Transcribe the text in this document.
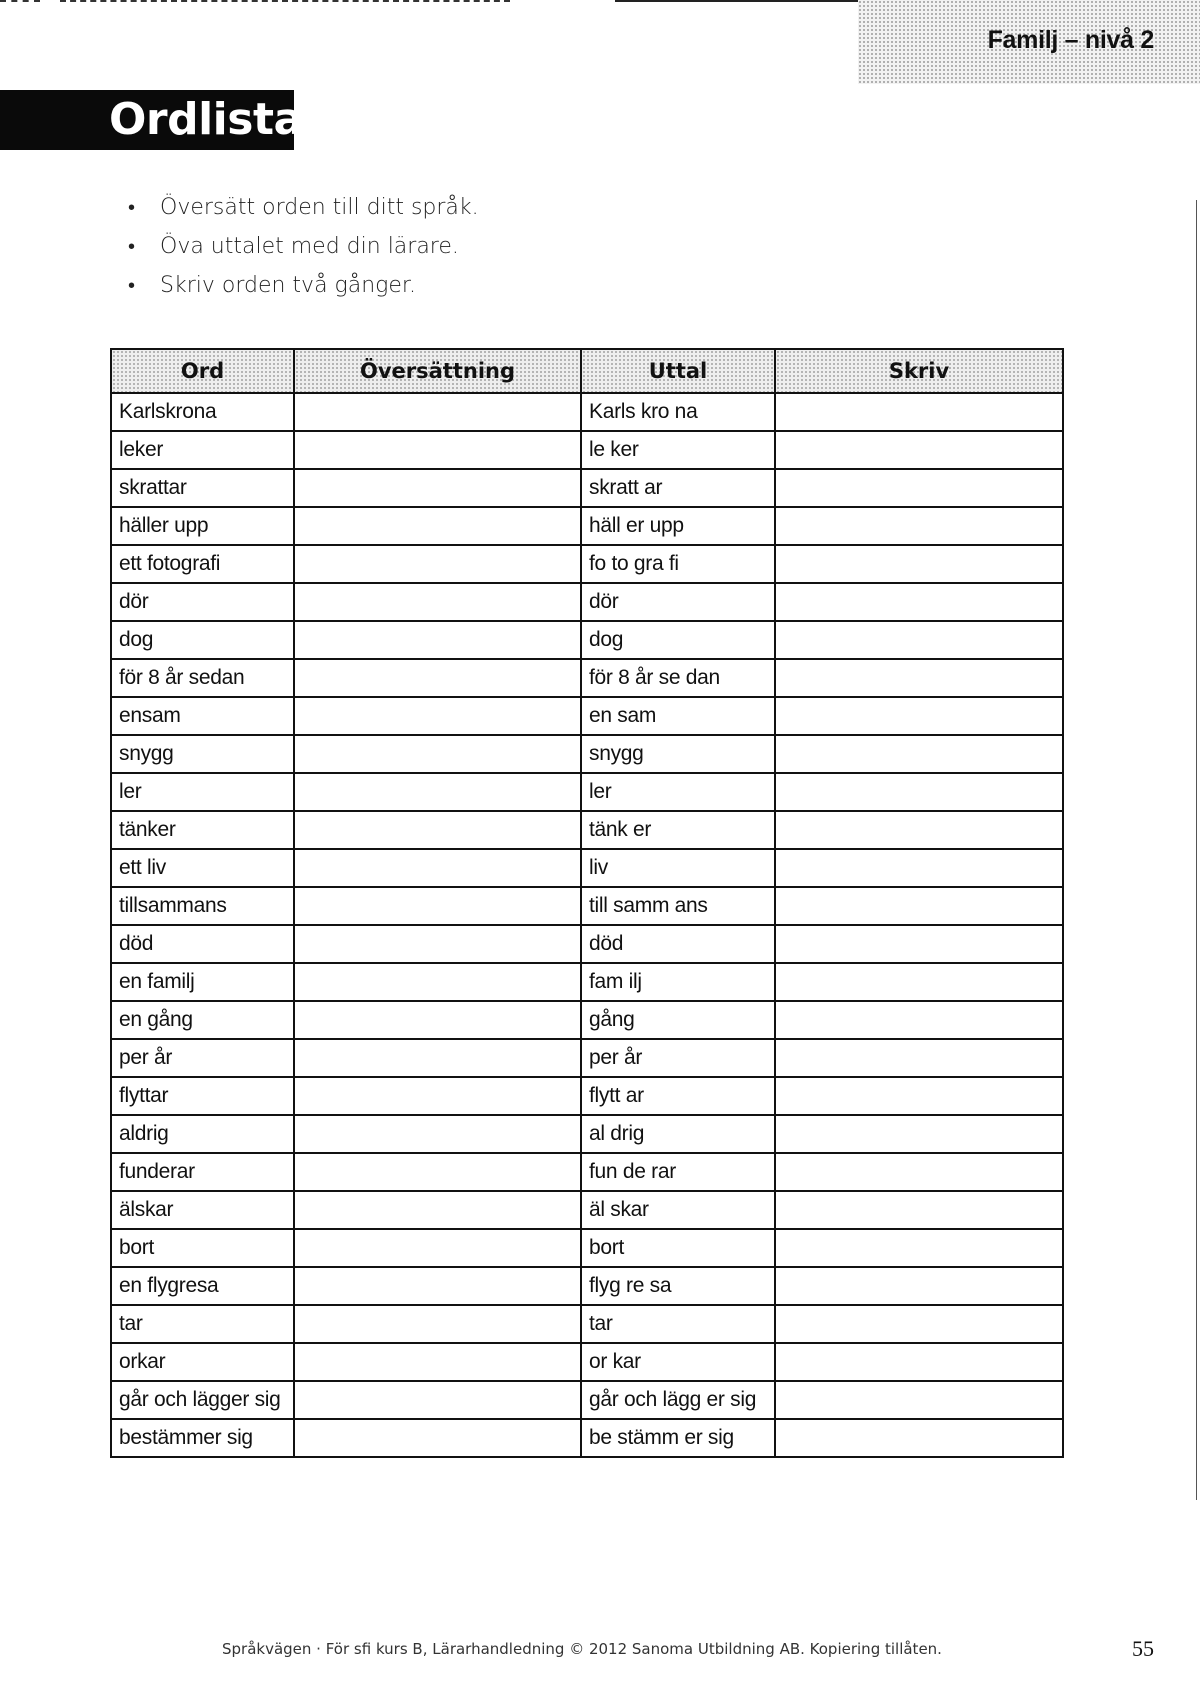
Familj – nivå 2
Ordlista
• Översätt orden till ditt språk.
• Öva uttalet med din lärare.
• Skriv orden två gånger.
Ord	Översättning	Uttal	Skriv
Karlskrona		Karls kro na	
leker		le ker	
skrattar		skratt ar	
häller upp		häll er upp	
ett fotografi		fo to gra fi	
dör		dör	
dog		dog	
för 8 år sedan		för 8 år se dan	
ensam		en sam	
snygg		snygg	
ler		ler	
tänker		tänk er	
ett liv		liv	
tillsammans		till samm ans	
död		död	
en familj		fam ilj	
en gång		gång	
per år		per år	
flyttar		flytt ar	
aldrig		al drig	
funderar		fun de rar	
älskar		äl skar	
bort		bort	
en flygresa		flyg re sa	
tar		tar	
orkar		or kar	
går och lägger sig		går och lägg er sig	
bestämmer sig		be stämm er sig	
Språkvägen · För sfi kurs B, Lärarhandledning © 2012 Sanoma Utbildning AB. Kopiering tillåten.	55
